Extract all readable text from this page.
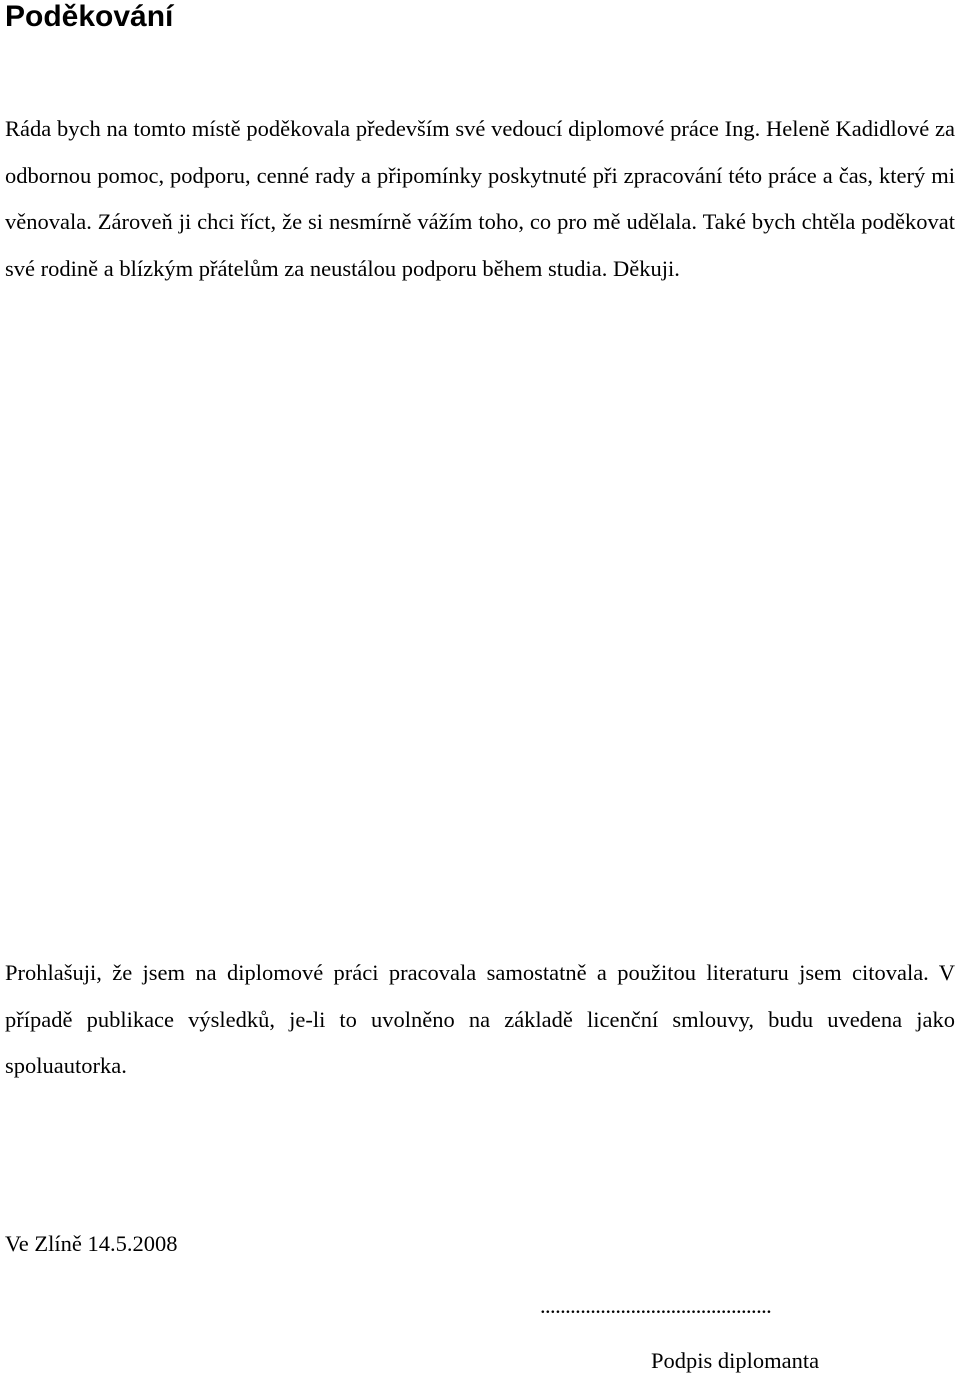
Poděkování

Ráda bych na tomto místě poděkovala především své vedoucí diplomové práce Ing. Heleně Kadidlové za odbornou pomoc, podporu, cenné rady a připomínky poskytnuté při zpracování této práce a čas, který mi věnovala. Zároveň ji chci říct, že si nesmírně vážím toho, co pro mě udělala. Také bych chtěla poděkovat své rodině a blízkým přátelům za neustálou podporu během studia. Děkuji.

Prohlašuji, že jsem na diplomové práci pracovala samostatně a použitou literaturu jsem citovala. V případě publikace výsledků, je-li to uvolněno na základě licenční smlouvy, budu uvedena jako spoluautorka.

Ve Zlíně 14.5.2008

..............................................

Podpis diplomanta
